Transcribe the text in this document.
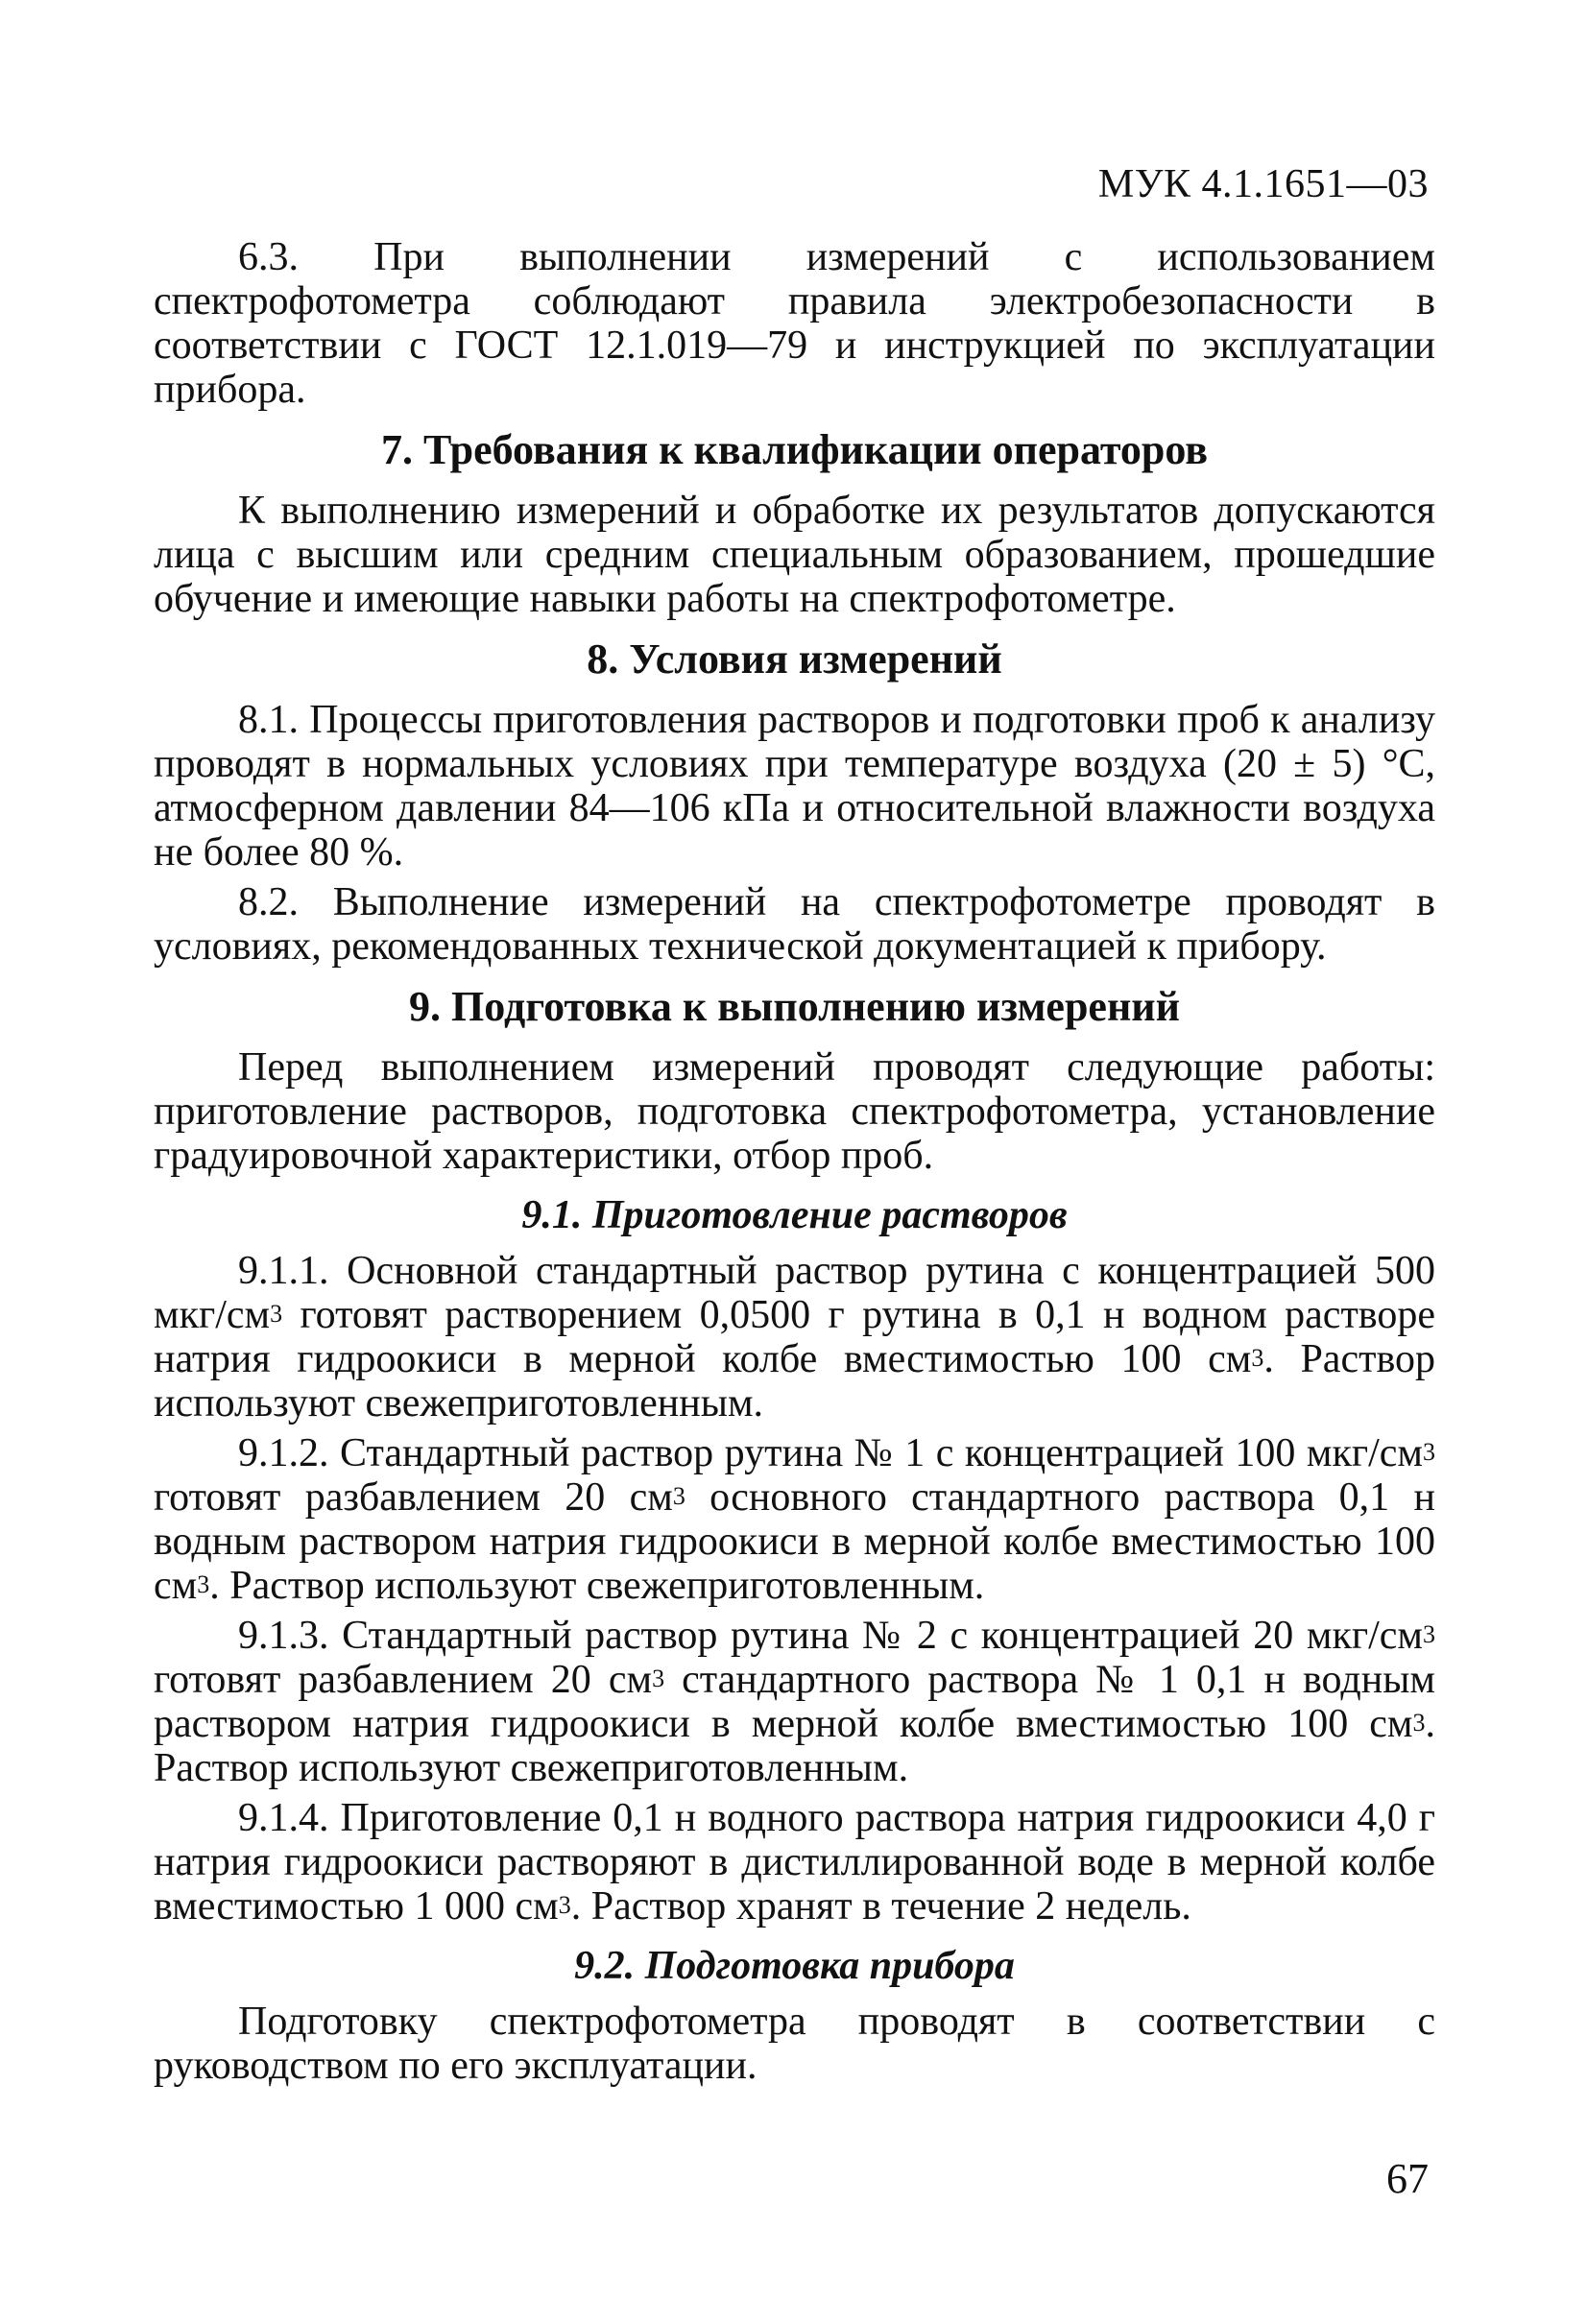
МУК 4.1.1651—03

6.3. При выполнении измерений с использованием спектрофотометра соблюдают правила электробезопасности в соответствии с ГОСТ 12.1.019—79 и инструкцией по эксплуатации прибора.

7. Требования к квалификации операторов

К выполнению измерений и обработке их результатов допускаются лица с высшим или средним специальным образованием, прошедшие обучение и имеющие навыки работы на спектрофотометре.

8. Условия измерений

8.1. Процессы приготовления растворов и подготовки проб к анализу проводят в нормальных условиях при температуре воздуха (20 ± 5) °С, атмосферном давлении 84—106 кПа и относительной влажности воздуха не более 80 %.

8.2. Выполнение измерений на спектрофотометре проводят в условиях, рекомендованных технической документацией к прибору.

9. Подготовка к выполнению измерений

Перед выполнением измерений проводят следующие работы: приготовление растворов, подготовка спектрофотометра, установление градуировочной характеристики, отбор проб.

9.1. Приготовление растворов

9.1.1. Основной стандартный раствор рутина с концентрацией 500 мкг/$см^3$ готовят растворением 0,0500 г рутина в 0,1 н водном растворе натрия гидроокиси в мерной колбе вместимостью 100 $см^3$. Раствор используют свежеприготовленным.

9.1.2. Стандартный раствор рутина № 1 с концентрацией 100 мкг/$см^3$ готовят разбавлением 20 $см^3$ основного стандартного раствора 0,1 н водным раствором натрия гидроокиси в мерной колбе вместимостью 100 $см^3$. Раствор используют свежеприготовленным.

9.1.3. Стандартный раствор рутина № 2 с концентрацией 20 мкг/$см^3$ готовят разбавлением 20 $см^3$ стандартного раствора № 1 0,1 н водным раствором натрия гидроокиси в мерной колбе вместимостью 100 $см^3$. Раствор используют свежеприготовленным.

9.1.4. Приготовление 0,1 н водного раствора натрия гидроокиси 4,0 г натрия гидроокиси растворяют в дистиллированной воде в мерной колбе вместимостью 1 000 $см^3$. Раствор хранят в течение 2 недель.

9.2. Подготовка прибора

Подготовку спектрофотометра проводят в соответствии с руководством по его эксплуатации.

67
